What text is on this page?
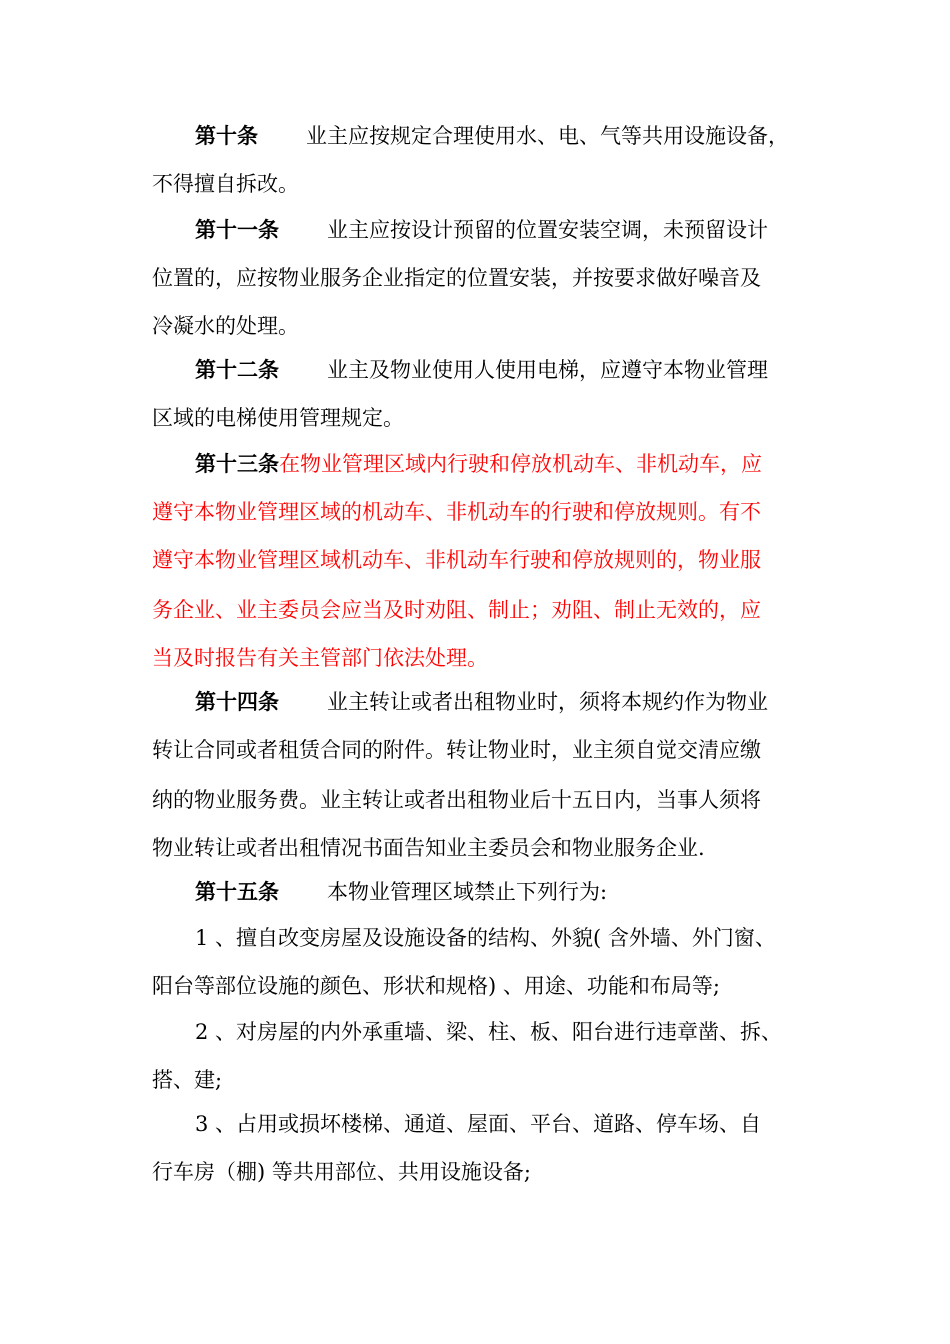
第十条 业主应按规定合理使用水、电、气等共用设施设备，
不得擅自拆改。
第十一条 业主应按设计预留的位置安装空调，未预留设计
位置的，应按物业服务企业指定的位置安装，并按要求做好噪音及
冷凝水的处理。
第十二条 业主及物业使用人使用电梯，应遵守本物业管理
区域的电梯使用管理规定。
第十三条在物业管理区域内行驶和停放机动车、非机动车，应
遵守本物业管理区域的机动车、非机动车的行驶和停放规则。有不
遵守本物业管理区域机动车、非机动车行驶和停放规则的，物业服
务企业、业主委员会应当及时劝阻、制止；劝阻、制止无效的，应
当及时报告有关主管部门依法处理。
第十四条 业主转让或者出租物业时，须将本规约作为物业
转让合同或者租赁合同的附件。转让物业时，业主须自觉交清应缴
纳的物业服务费。业主转让或者出租物业后十五日内，当事人须将
物业转让或者出租情况书面告知业主委员会和物业服务企业.
第十五条 本物业管理区域禁止下列行为:
1 、擅自改变房屋及设施设备的结构、外貌( 含外墙、外门窗、
阳台等部位设施的颜色、形状和规格) 、用途、功能和布局等;
2 、对房屋的内外承重墙、梁、柱、板、阳台进行违章凿、拆、
搭、建;
3 、占用或损坏楼梯、通道、屋面、平台、道路、停车场、自
行车房（棚) 等共用部位、共用设施设备;
